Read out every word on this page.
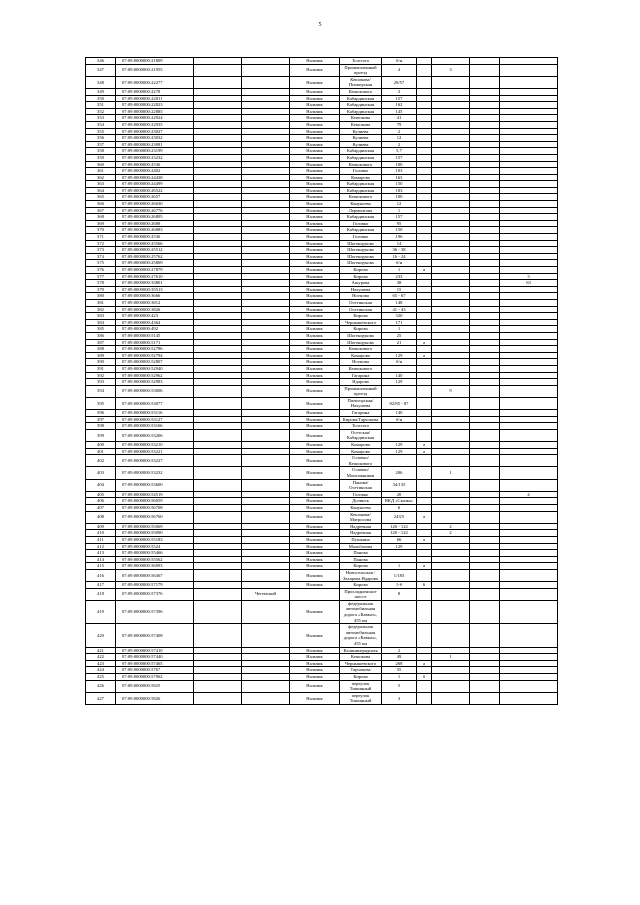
5
346	07:09:0000000:21809			Нальчик	Толстого	б/н				
347	07:09:0000000:21955			Нальчик	Промышленный проезд	4		3		
348	07:09:0000000:22277			Нальчик	Кешокова/ Пионерская	28/57				
349	07:09:0000000:2278			Нальчик	Кешокового	3				
350	07:09:0000000:22811			Нальчик	Кабардинская	157				
351	07:09:0000000:22823			Нальчик	Кабардинская	162				
352	07:09:0000000:22885			Нальчик	Кабардинская	145				
353	07:09:0000000:22924			Нальчик	Кешокова	41				
354	07:09:0000000:22935			Нальчик	Кешокова	79				
355	07:09:0000000:23027			Нальчик	Кулиева	2				
356	07:09:0000000:23032			Нальчик	Кулиева	12				
357	07:09:0000000:23081			Нальчик	Кулиева	2				
358	07:09:0000000:23199			Нальчик	Кабардинская	5,7				
359	07:09:0000000:23232			Нальчик	Кабардинская	157				
360	07:09:0000000:2536			Нальчик	Кешокового	100				
361	07:09:0000000:2402			Нальчик	Головко	103				
362	07:09:0000000:24438			Нальчик	Комарова	163				
363	07:09:0000000:24499			Нальчик	Кабардинская	150				
364	07:09:0000000:26522			Нальчик	Кабардинская	183				
365	07:09:0000000:2657			Нальчик	Кешокового	100				
366	07:09:0000000:26630			Нальчик	Канукоева	12				
367	07:09:0000000:26776			Нальчик	Лермонтова	1				
368	07:09:0000000:26805			Нальчик	Кабардинская	157				
369	07:09:0000000:2688			Нальчик	Головко	95				
370	07:09:0000000:26883			Нальчик	Кабардинская	150				
371	07:09:0000000:2536			Нальчик	Головко	196				
372	07:09:0000000:25566			Нальчик	Шогенцукова	14				
373	07:09:0000000:25512			Нальчик	Шогенцукова	36 - 38				
374	07:09:0000000:25762			Нальчик	Шогенцукова	16 - 24				
375	07:09:0000000:25869			Нальчик	Шогенцукова	б/н				
376	07:09:0000000:27879			Нальчик	Кирова	1	а			
377	07:09:0000000:27610			Нальчик	Кирова	233				3
378	07:09:0000000:33801			Нальчик	Ашурова	38				63
379	07:09:0000000:35513			Нальчик	Нахушева	15				
380	07:09:0000000:3666			Нальчик	Ногмова	65 - 67				
381	07:09:0000000:3812			Нальчик	Осетинская	148				
382	07:09:0000000:3826			Нальчик	Осетинская	41 - 43				
383	07:09:0000000:423			Нальчик	Кирова	320				
384	07:09:0000000:4364			Нальчик	Чернышевского	171				
385	07:09:0000000:492			Нальчик	Кирова	1				
386	07:09:0000000:5145			Нальчик	Шогенцукова	25				
387	07:09:0000000:5171			Нальчик	Шогенцукова	21	а			
388	07:09:0000000:52786			Нальчик	Кешокового					
389	07:09:0000000:52794			Нальчик	Комарова	129	а			
390	07:09:0000000:52807			Нальчик	Ногмова	б/н				
391	07:09:0000000:52940			Нальчик	Кешокового					
392	07:09:0000000:52962			Нальчик	Гагарина	140				
393	07:09:0000000:52983			Нальчик	Идарова	129				
394	07:09:0000000:53006			Нальчик	Промышленный проезд			9		
395	07:09:0000000:53077			Нальчик	Пятигорская/ Нахушева	82/85 - 87				
396	07:09:0000000:53116			Нальчик	Гагарина	140				
397	07:09:0000000:53127			Нальчик	Кирова/Тарчокова	б/н				
398	07:09:0000000:53166			Нальчик	Толстого					
399	07:09:0000000:53206			Нальчик	Осетская/ Кабардинская					
400	07:09:0000000:53210			Нальчик	Комарова	129	а			
401	07:09:0000000:53221			Нальчик	Комарова	129	а			
402	07:09:0000000:53227			Нальчик	Головко/ Кешокового					
403	07:09:0000000:53232			Нальчик	Головко/ Монтажников	206		1		
404	07:09:0000000:53600			Нальчик	Панова/ Осетинская	34/135				
405	07:09:0000000:54519			Нальчик	Головко	20				4
406	07:09:0000000:56059			Нальчик	Долинск	ВКД «Сказка»				
407	07:09:0000000:56708			Нальчик	Канукоева	6				
408	07:09:0000000:56760			Нальчик	Кешокова/ Матросова	243/5	а			
409	07:09:0000000:55069			Нальчик	Надречная	120 - 122		2		
410	07:09:0000000:55090			Нальчик	Надречная	120 - 122		2		
411	07:09:0000000:55183			Нальчик	Пушкина	66	а			
412	07:09:0000000:5524			Нальчик	Мальбахова	129				
413	07:09:0000000:55466			Нальчик	Панова					
414	07:09:0000000:55562			Нальчик	Панова					
415	07:09:0000000:56093			Нальчик	Кирова	1	а			
416	07:09:0000000:56367			Нальчик	Новосельская /Захарова Идарова	1/183				
417	07:09:0000000:57179			Нальчик	Кирова	1-б	6			
418	07:09:0000000:57376		Чегемский		Прохладненское шоссе	8				
419	07:09:0000000:57396			Нальчик	федеральная автомобильная дорога «Кавказ», 455 км					
420	07:09:0000000:57408			Нальчик	федеральная автомобильная дорога «Кавказ», 455 км					
421	07:09:0000000:57410			Нальчик	Калининградская	2				
422	07:09:0000000:57440			Нальчик	Кешокова	49		1		
423	07:09:0000000:57465			Нальчик	Чернышевского	268	а			
424	07:09:0000000:5767			Нальчик	Тарчокова	35				
425	07:09:0000000:57962			Нальчик	Кирова	1	б			
426	07:09:0000000:5825			Нальчик	переулок Тишинный	5				
427	07:09:0000000:5826			Нальчик	переулок Тишинный	3				
